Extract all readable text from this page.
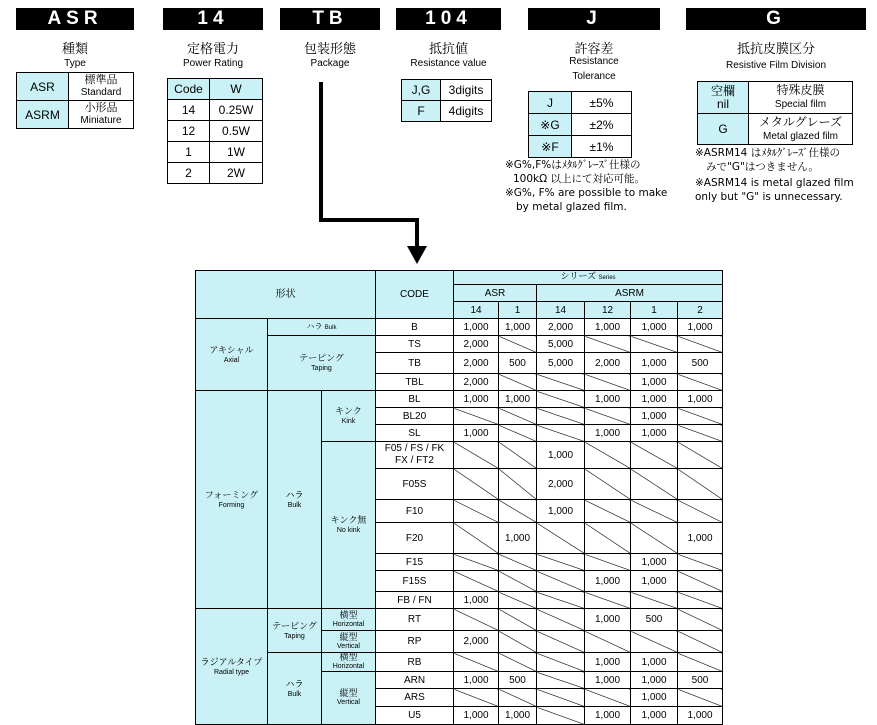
ASR	14	TB	104	J	G
種類
Type
定格電力
Power Rating
包装形態
Package
抵抗値
Resistance value
許容差
Resistance
Tolerance
抵抗皮膜区分
Resistive Film Division
ASR	標準品
Standard
ASRM	小形品
Miniature
Code	W
14	0.25W
12	0.5W
1	1W
2	2W
J,G	3digits
F	4digits
J	±5%
※G	±2%
※F	±1%
※G%,F%はﾒﾀﾙｸﾞﾚｰｽﾞ仕様の
100kΩ 以上にて対応可能。
※G%, F% are possible to make
by metal glazed film.
空欄
nil	特殊皮膜
Special film
G	メタルグレーズ
Metal glazed film
※ASRM14 はﾒﾀﾙｸﾞﾚｰｽﾞ仕様の
みで"G"はつきません。
※ASRM14 is metal glazed film
only but "G" is unnecessary.
形状			CODE	シリーズ Series					
				ASR		ASRM			
				14	1	14	12	1	2
アキシャル
Axial	ハラ Bulk		B	1,000	1,000	2,000	1,000	1,000	1,000
	テーピング
Taping		TS	2,000		5,000			
			TB	2,000	500	5,000	2,000	1,000	500
			TBL	2,000				1,000	
フォーミング
Forming	ハラ
Bulk	キンク
Kink	BL	1,000	1,000		1,000	1,000	1,000
			BL20					1,000	
			SL	1,000			1,000	1,000	
		キンク無
No kink	F05 / FS / FK
FX / FT2			1,000			
			F05S			2,000			
			F10			1,000			
			F20		1,000				1,000
			F15					1,000	
			F15S				1,000	1,000	
			FB / FN	1,000					
ラジアルタイプ
Radial type	テーピング
Taping	横型
Horizontal	RT				1,000	500	
		縦型
Vertical	RP	2,000					
	ハラ
Bulk	横型
Horizontal	RB				1,000	1,000	
		縦型
Vertical	ARN	1,000	500		1,000	1,000	500
			ARS					1,000	
			U5	1,000	1,000		1,000	1,000	1,000
